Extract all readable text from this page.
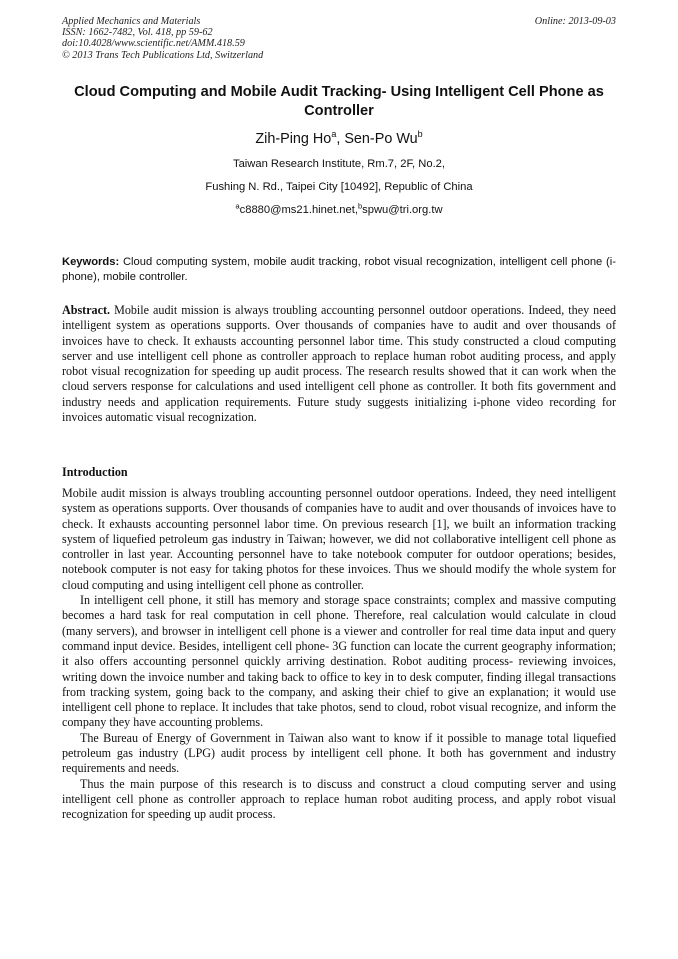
Applied Mechanics and Materials
ISSN: 1662-7482, Vol. 418, pp 59-62
doi:10.4028/www.scientific.net/AMM.418.59
© 2013 Trans Tech Publications Ltd, Switzerland
Online: 2013-09-03
Cloud Computing and Mobile Audit Tracking- Using Intelligent Cell Phone as Controller
Zih-Ping Ho$^a$, Sen-Po Wu$^b$
Taiwan Research Institute, Rm.7, 2F, No.2,
Fushing N. Rd., Taipei City [10492], Republic of China
$^a$c8880@ms21.hinet.net,$^b$spwu@tri.org.tw
Keywords: Cloud computing system, mobile audit tracking, robot visual recognization, intelligent cell phone (i-phone), mobile controller.
Abstract. Mobile audit mission is always troubling accounting personnel outdoor operations. Indeed, they need intelligent system as operations supports. Over thousands of companies have to audit and over thousands of invoices have to check. It exhausts accounting personnel labor time. This study constructed a cloud computing server and use intelligent cell phone as controller approach to replace human robot auditing process, and apply robot visual recognization for speeding up audit process. The research results showed that it can work when the cloud servers response for calculations and used intelligent cell phone as controller. It both fits government and industry needs and application requirements. Future study suggests initializing i-phone video recording for invoices automatic visual recognization.
Introduction

Mobile audit mission is always troubling accounting personnel outdoor operations. Indeed, they need intelligent system as operations supports. Over thousands of companies have to audit and over thousands of invoices have to check. It exhausts accounting personnel labor time. On previous research [1], we built an information tracking system of liquefied petroleum gas industry in Taiwan; however, we did not collaborative intelligent cell phone as controller in last year. Accounting personnel have to take notebook computer for outdoor operations; besides, notebook computer is not easy for taking photos for these invoices. Thus we should modify the whole system for cloud computing and using intelligent cell phone as controller.

In intelligent cell phone, it still has memory and storage space constraints; complex and massive computing becomes a hard task for real computation in cell phone. Therefore, real calculation would calculate in cloud (many servers), and browser in intelligent cell phone is a viewer and controller for real time data input and query command input device. Besides, intelligent cell phone- 3G function can locate the current geography information; it also offers accounting personnel quickly arriving destination. Robot auditing process- reviewing invoices, writing down the invoice number and taking back to office to key in to desk computer, finding illegal transactions from tracking system, going back to the company, and asking their chief to give an explanation; it would use intelligent cell phone to replace. It includes that take photos, send to cloud, robot visual recognize, and inform the company they have accounting problems.

The Bureau of Energy of Government in Taiwan also want to know if it possible to manage total liquefied petroleum gas industry (LPG) audit process by intelligent cell phone. It both has government and industry requirements and needs.

Thus the main purpose of this research is to discuss and construct a cloud computing server and using intelligent cell phone as controller approach to replace human robot auditing process, and apply robot visual recognization for speeding up audit process.
